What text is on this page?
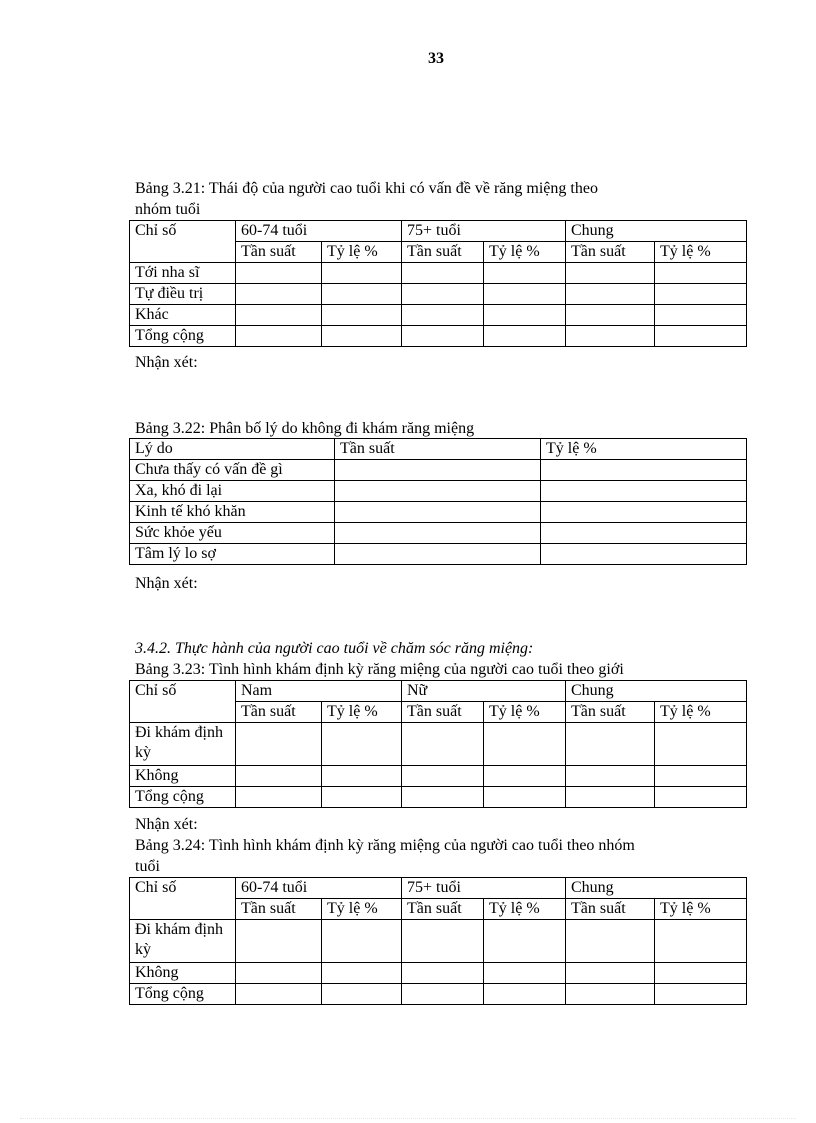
33

Bảng 3.21: Thái độ của người cao tuổi khi có vấn đề về răng miệng theo

nhóm tuổi

Chỉ số	60-74 tuổi		75+ tuổi		Chung	
	Tần suất	Tỷ lệ %	Tần suất	Tỷ lệ %	Tần suất	Tỷ lệ %
Tới nha sĩ						
Tự điều trị						
Khác						
Tổng cộng						

Nhận xét:

Bảng 3.22: Phân bố lý do không đi khám răng miệng

Lý do	Tần suất	Tỷ lệ %
Chưa thấy có vấn đề gì		
Xa, khó đi lại		
Kinh tế khó khăn		
Sức khỏe yếu		
Tâm lý lo sợ		

Nhận xét:

3.4.2. Thực hành của người cao tuổi về chăm sóc răng miệng:

Bảng 3.23: Tình hình khám định kỳ răng miệng của người cao tuổi theo giới

Chỉ số	Nam		Nữ		Chung	
	Tần suất	Tỷ lệ %	Tần suất	Tỷ lệ %	Tần suất	Tỷ lệ %
Đi khám định kỳ						
Không						
Tổng cộng						

Nhận xét:

Bảng 3.24: Tình hình khám định kỳ răng miệng của người cao tuổi theo nhóm

tuổi

Chỉ số	60-74 tuổi		75+ tuổi		Chung	
	Tần suất	Tỷ lệ %	Tần suất	Tỷ lệ %	Tần suất	Tỷ lệ %
Đi khám định kỳ						
Không						
Tổng cộng						
